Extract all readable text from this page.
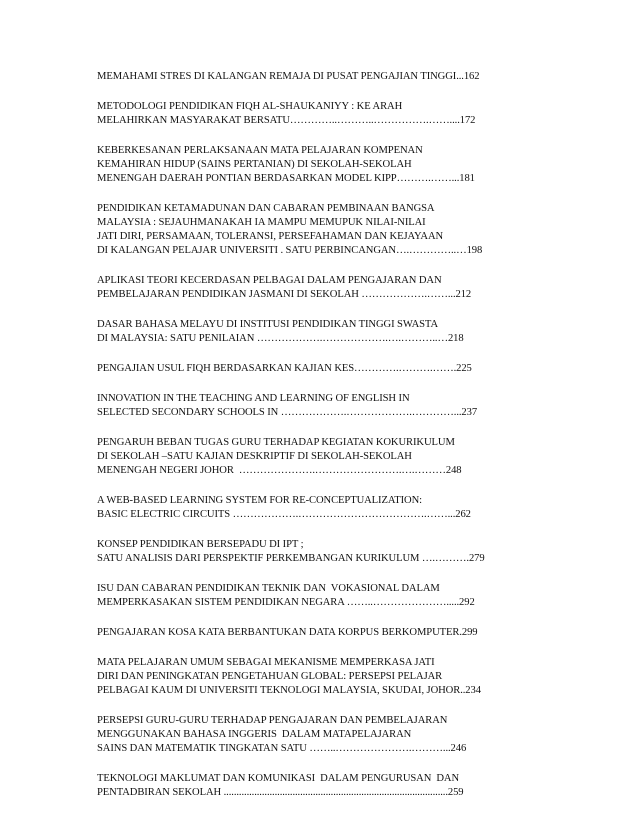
MEMAHAMI STRES DI KALANGAN REMAJA DI PUSAT PENGAJIAN TINGGI...162
METODOLOGI PENDIDIKAN FIQH AL-SHAUKANIYY : KE ARAH
MELAHIRKAN MASYARAKAT BERSATU…………..………..…………….……....172
KEBERKESANAN PERLAKSANAAN MATA PELAJARAN KOMPENAN
KEMAHIRAN HIDUP (SAINS PERTANIAN) DI SEKOLAH-SEKOLAH
MENENGAH DAERAH PONTIAN BERDASARKAN MODEL KIPP……….……...181
PENDIDIKAN KETAMADUNAN DAN CABARAN PEMBINAAN BANGSA
MALAYSIA : SEJAUHMANAKAH IA MAMPU MEMUPUK NILAI-NILAI
JATI DIRI, PERSAMAAN, TOLERANSI, PERSEFAHAMAN DAN KEJAYAAN
DI KALANGAN PELAJAR UNIVERSITI . SATU PERBINCANGAN….…………..…198
APLIKASI TEORI KECERDASAN PELBAGAI DALAM PENGAJARAN DAN
PEMBELAJARAN PENDIDIKAN JASMANI DI SEKOLAH ……………….……...212
DASAR BAHASA MELAYU DI INSTITUSI PENDIDIKAN TINGGI SWASTA
DI MALAYSIA: SATU PENILAIAN ……………….……………….….………..…218
PENGAJIAN USUL FIQH BERDASARKAN KAJIAN KES………….……….…….225
INNOVATION IN THE TEACHING AND LEARNING OF ENGLISH IN
SELECTED SECONDARY SCHOOLS IN ……………….……………….…………...237
PENGARUH BEBAN TUGAS GURU TERHADAP KEGIATAN KOKURIKULUM
DI SEKOLAH –SATU KAJIAN DESKRIPTIF DI SEKOLAH-SEKOLAH
MENENGAH NEGERI JOHOR  ………………….…………………….….………248
A WEB-BASED LEARNING SYSTEM FOR RE-CONCEPTUALIZATION:
BASIC ELECTRIC CIRCUITS ……………….……………………………….……...262
KONSEP PENDIDIKAN BERSEPADU DI IPT ;
SATU ANALISIS DARI PERSPEKTIF PERKEMBANGAN KURIKULUM ….……….279
ISU DAN CABARAN PENDIDIKAN TEKNIK DAN  VOKASIONAL DALAM
MEMPERKASAKAN SISTEM PENDIDIKAN NEGARA ……..………………….....292
PENGAJARAN KOSA KATA BERBANTUKAN DATA KORPUS BERKOMPUTER.299
MATA PELAJARAN UMUM SEBAGAI MEKANISME MEMPERKASA JATI
DIRI DAN PENINGKATAN PENGETAHUAN GLOBAL: PERSEPSI PELAJAR
PELBAGAI KAUM DI UNIVERSITI TEKNOLOGI MALAYSIA, SKUDAI, JOHOR..234
PERSEPSI GURU-GURU TERHADAP PENGAJARAN DAN PEMBELAJARAN
MENGGUNAKAN BAHASA INGGERIS  DALAM MATAPELAJARAN
SAINS DAN MATEMATIK TINGKATAN SATU ……..………………….………...246
TEKNOLOGI MAKLUMAT DAN KOMUNIKASI  DALAM PENGURUSAN  DAN
PENTADBIRAN SEKOLAH ........................................................................................259
